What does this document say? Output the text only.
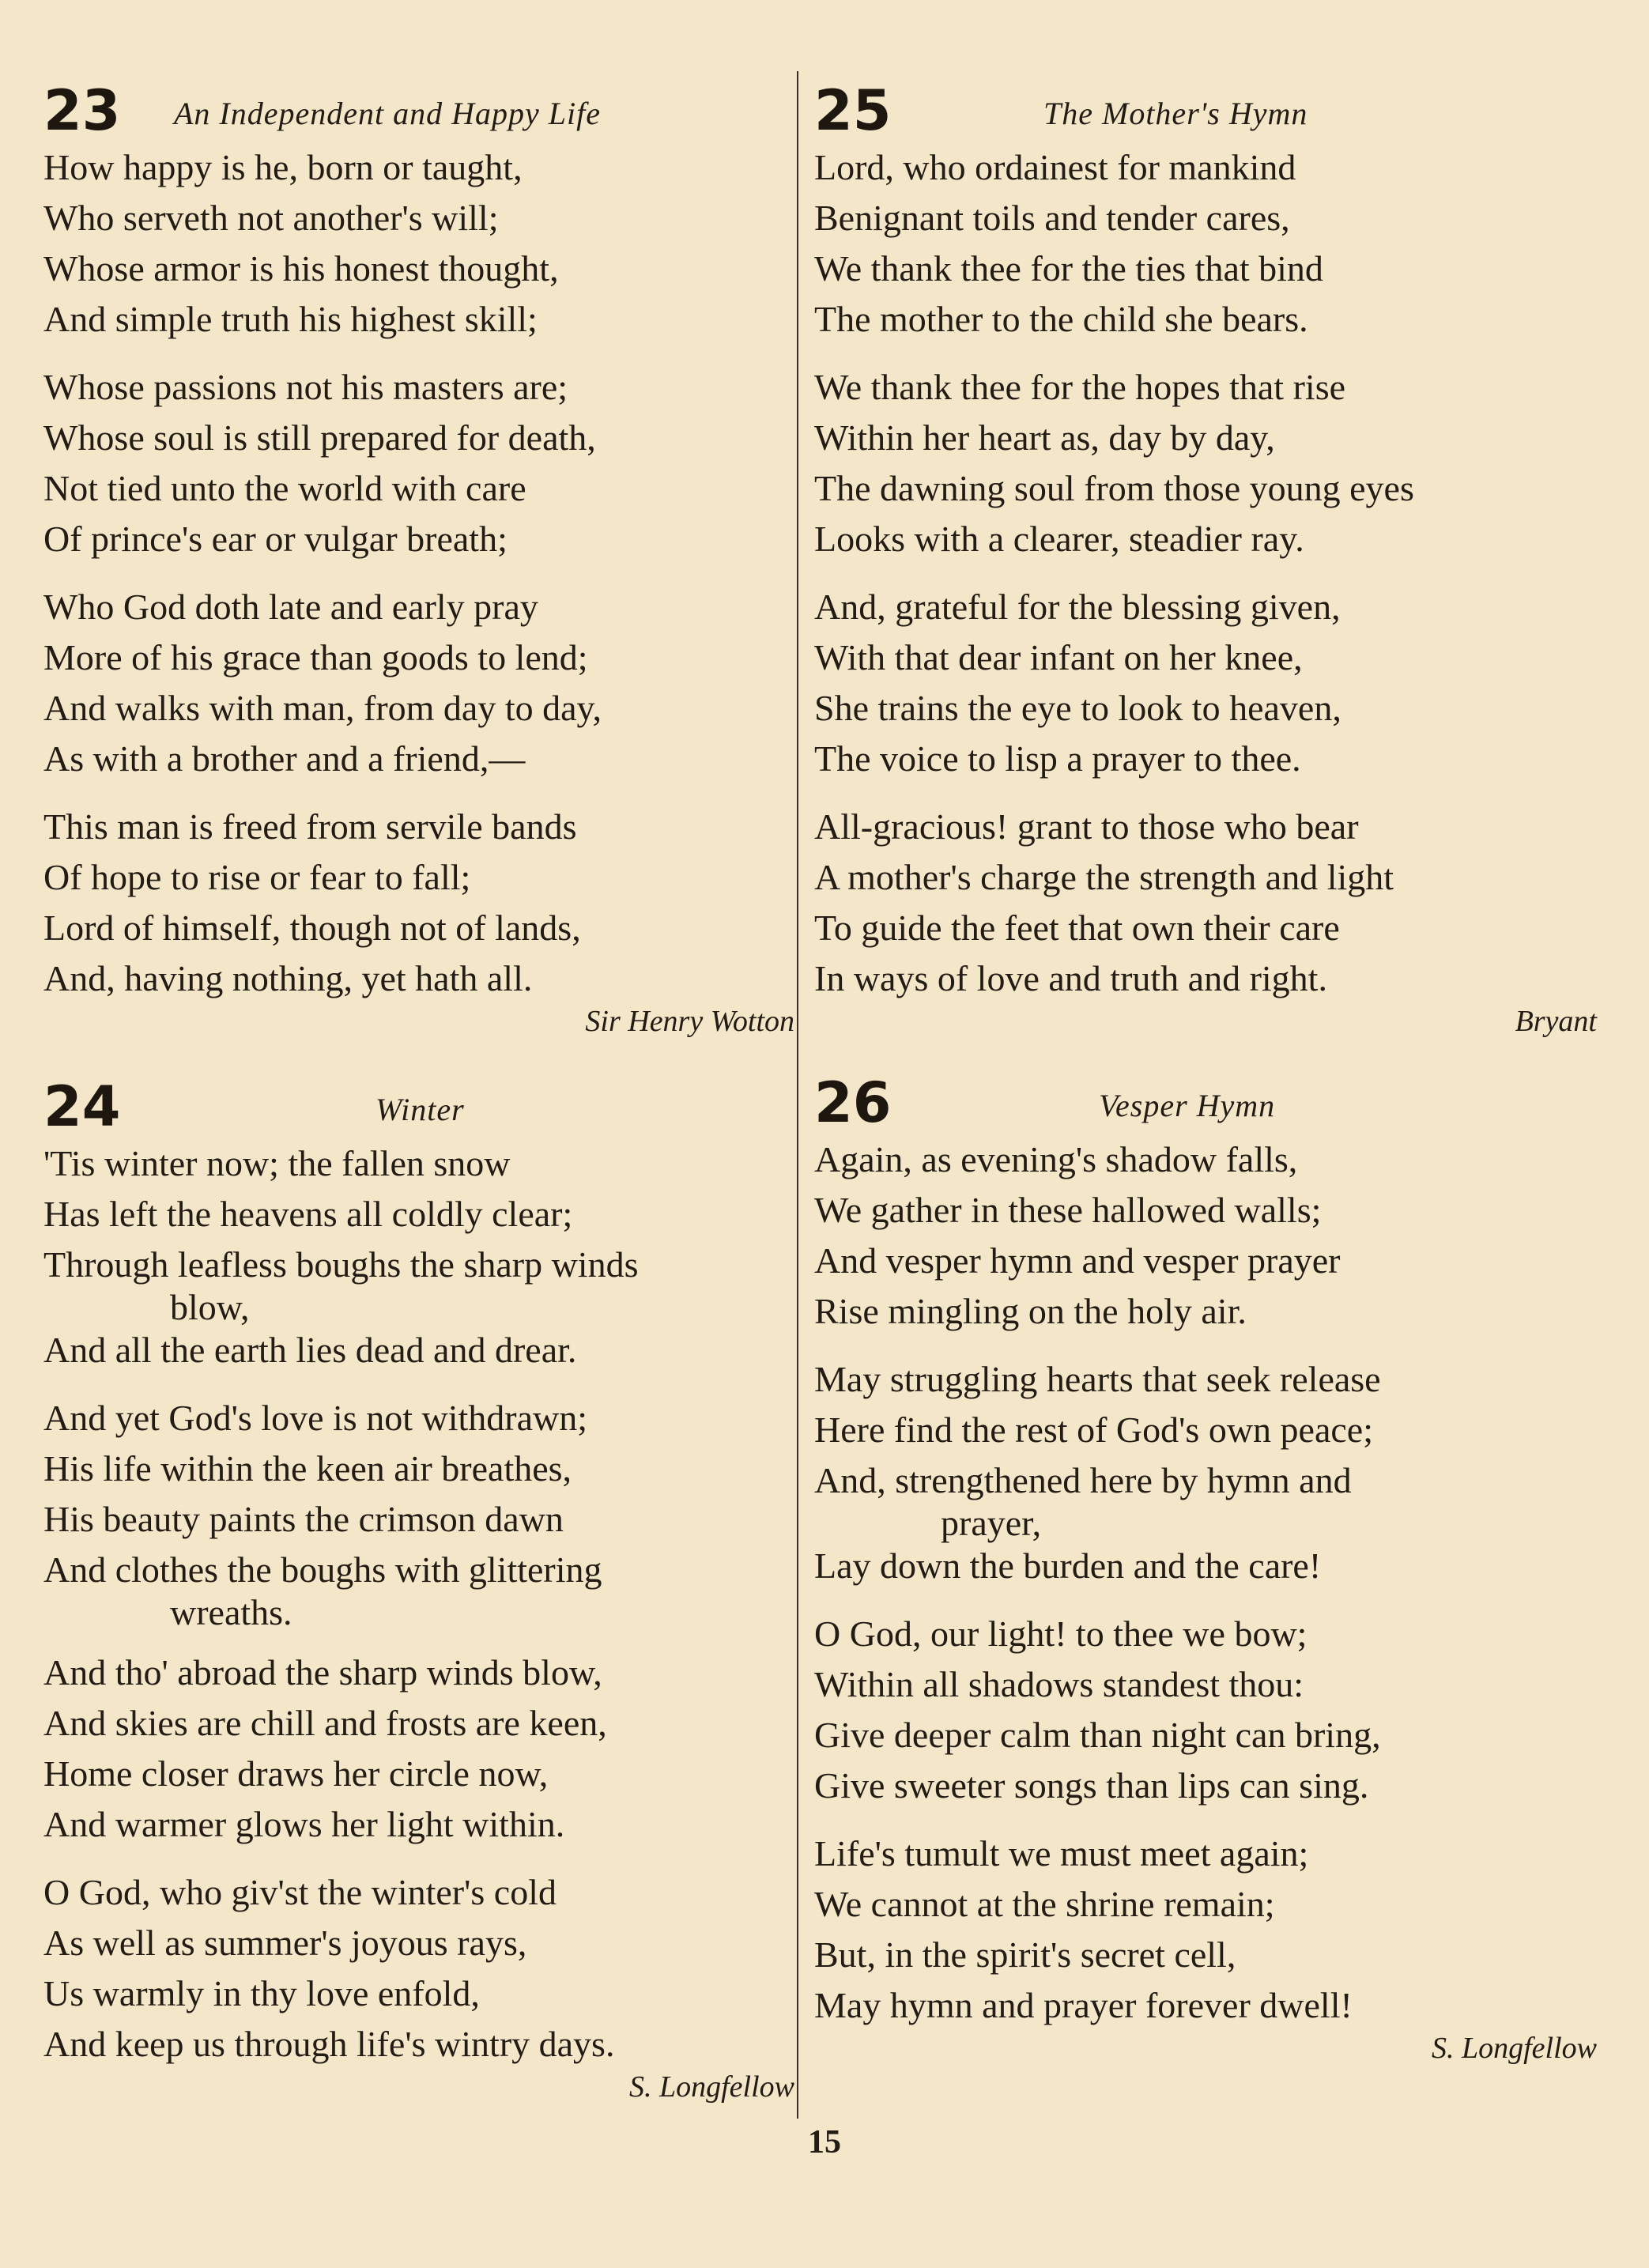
23 An Independent and Happy Life
How happy is he, born or taught,
Who serveth not another's will;
Whose armor is his honest thought,
And simple truth his highest skill;
Whose passions not his masters are;
Whose soul is still prepared for death,
Not tied unto the world with care
Of prince's ear or vulgar breath;
Who God doth late and early pray
More of his grace than goods to lend;
And walks with man, from day to day,
As with a brother and a friend,—
This man is freed from servile bands
Of hope to rise or fear to fall;
Lord of himself, though not of lands,
And, having nothing, yet hath all.
Sir Henry Wotton
24	Winter
'Tis winter now; the fallen snow
Has left the heavens all coldly clear;
Through leafless boughs the sharp winds
blow,
And all the earth lies dead and drear.
And yet God's love is not withdrawn;
His life within the keen air breathes,
His beauty paints the crimson dawn
And clothes the boughs with glittering
wreaths.
And tho' abroad the sharp winds blow,
And skies are chill and frosts are keen,
Home closer draws her circle now,
And warmer glows her light within.
O God, who giv'st the winter's cold
As well as summer's joyous rays,
Us warmly in thy love enfold,
And keep us through life's wintry days.
S. Longfellow
25	The Mother's Hymn
Lord, who ordainest for mankind
Benignant toils and tender cares,
We thank thee for the ties that bind
The mother to the child she bears.
We thank thee for the hopes that rise
Within her heart as, day by day,
The dawning soul from those young eyes
Looks with a clearer, steadier ray.
And, grateful for the blessing given,
With that dear infant on her knee,
She trains the eye to look to heaven,
The voice to lisp a prayer to thee.
All-gracious! grant to those who bear
A mother's charge the strength and light
To guide the feet that own their care
In ways of love and truth and right.
Bryant
26	Vesper Hymn
Again, as evening's shadow falls,
We gather in these hallowed walls;
And vesper hymn and vesper prayer
Rise mingling on the holy air.
May struggling hearts that seek release
Here find the rest of God's own peace;
And, strengthened here by hymn and
prayer,
Lay down the burden and the care!
O God, our light! to thee we bow;
Within all shadows standest thou:
Give deeper calm than night can bring,
Give sweeter songs than lips can sing.
Life's tumult we must meet again;
We cannot at the shrine remain;
But, in the spirit's secret cell,
May hymn and prayer forever dwell!
S. Longfellow
15
